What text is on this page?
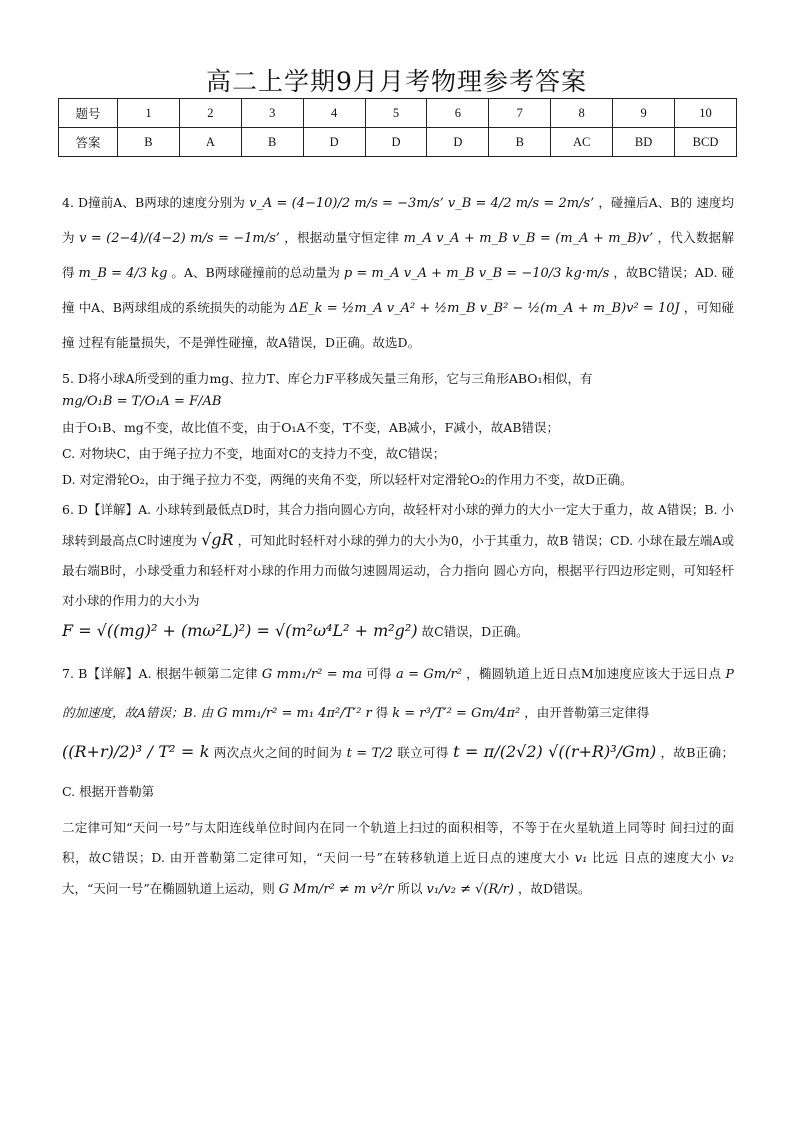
高二上学期9月月考物理参考答案
题号	1	2	3	4	5	6	7	8	9	10
答案	B	A	B	D	D	D	B	AC	BD	BCD
4. D撞前A、B两球的速度分别为 v_A = (4−10)/2 m/s = −3m/s’ v_B = 4/2 m/s = 2m/s’ ，碰撞后A、B的 速度均为 v = (2−4)/(4−2) m/s = −1m/s’ ，根据动量守恒定律 m_A v_A + m_B v_B = (m_A + m_B)v’ ，代入数据解得 m_B = 4/3 kg 。A、B两球碰撞前的总动量为 p = m_A v_A + m_B v_B = −10/3 kg·m/s ，故BC错误；AD. 碰撞 中A、B两球组成的系统损失的动能为 ΔE_k = ½m_A v_A² + ½m_B v_B² − ½(m_A + m_B)v² = 10J ，可知碰撞 过程有能量损失，不是弹性碰撞，故A错误，D正确。故选D。
5. D将小球A所受到的重力mg、拉力T、库仑力F平移成矢量三角形，它与三角形ABO₁相似，有
mg/O₁B = T/O₁A = F/AB
由于O₁B、mg不变，故比值不变，由于O₁A不变，T不变，AB减小，F减小，故AB错误；
C. 对物块C，由于绳子拉力不变，地面对C的支持力不变，故C错误；
D. 对定滑轮O₂，由于绳子拉力不变，两绳的夹角不变，所以轻杆对定滑轮O₂的作用力不变，故D正确。
6. D【详解】A. 小球转到最低点D时，其合力指向圆心方向，故轻杆对小球的弹力的大小一定大于重力，故 A错误；B. 小球转到最高点C时速度为 √gR ，可知此时轻杆对小球的弹力的大小为0，小于其重力，故B 错误；CD. 小球在最左端A或最右端B时，小球受重力和轻杆对小球的作用力而做匀速圆周运动，合力指向 圆心方向，根据平行四边形定则，可知轻杆对小球的作用力的大小为
F = √((mg)² + (mω²L)²) = √(m²ω⁴L² + m²g²) 故C错误，D正确。
7. B【详解】A. 根据牛顿第二定律 G mm₁/r² = ma 可得 a = Gm/r² ，椭圆轨道上近日点M加速度应该大于远日点 P的加速度，故A错误；B. 由 G mm₁/r² = m₁ 4π²/T′² r 得 k = r³/T′² = Gm/4π² ，由开普勒第三定律得
((R+r)/2)³ / T² = k 两次点火之间的时间为 t = T/2 联立可得 t = π/(2√2) √((r+R)³/Gm) ，故B正确；C. 根据开普勒第
二定律可知“天问一号”与太阳连线单位时间内在同一个轨道上扫过的面积相等，不等于在火星轨道上同等时 间扫过的面积，故C错误；D. 由开普勒第二定律可知，“天问一号”在转移轨道上近日点的速度大小 v₁ 比远 日点的速度大小 v₂ 大，“天问一号”在椭圆轨道上运动，则 G Mm/r² ≠ m v²/r 所以 v₁/v₂ ≠ √(R/r) ，故D错误。
